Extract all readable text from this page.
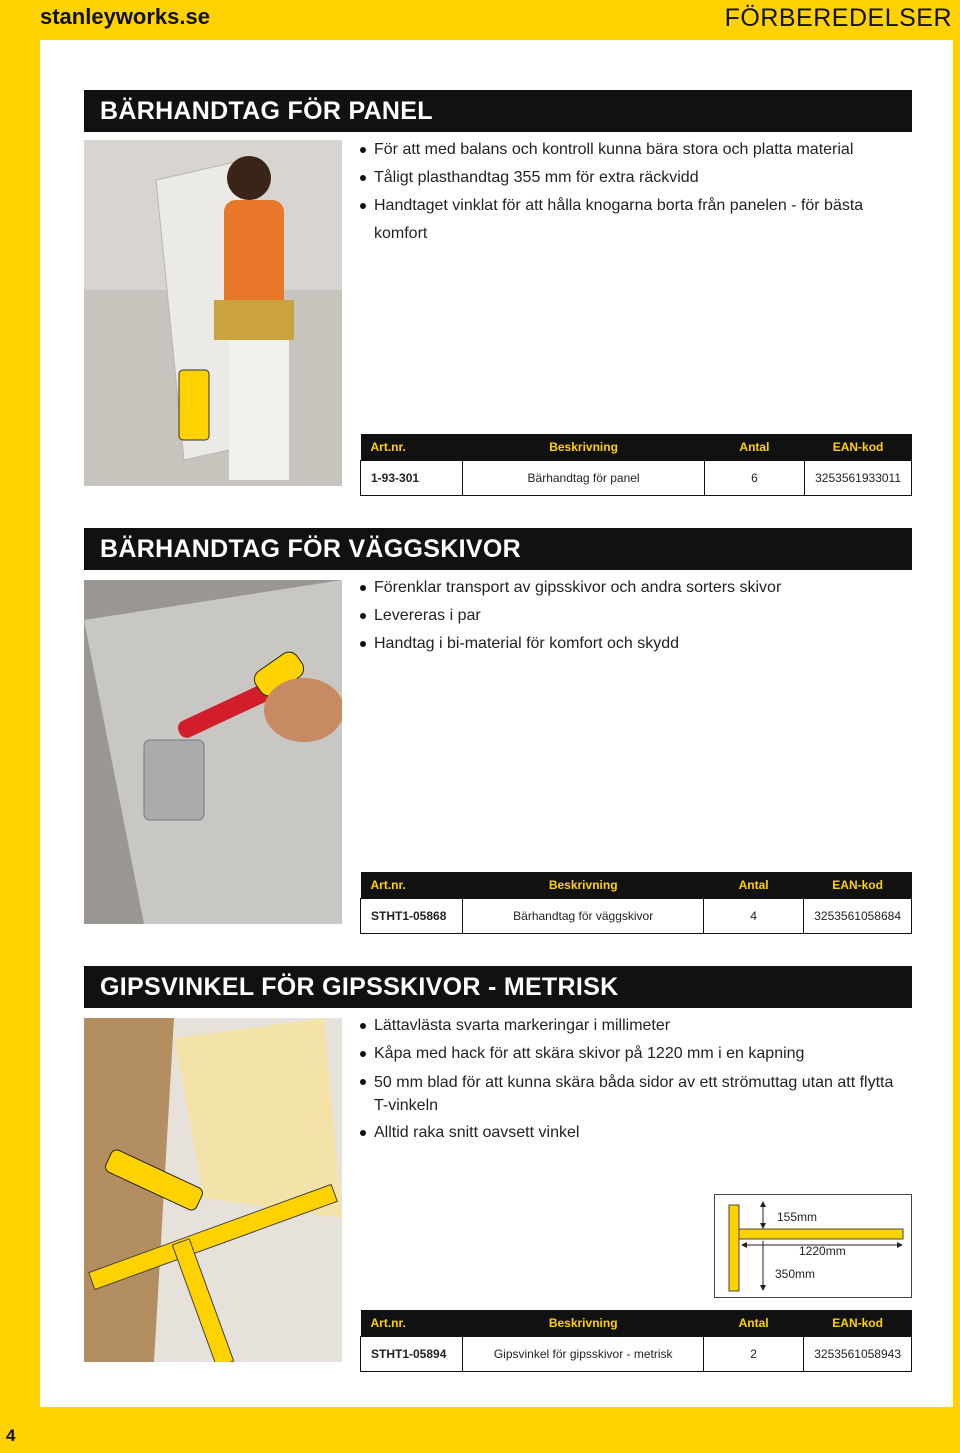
stanleyworks.se	FÖRBEREDELSER
BÄRHANDTAG FÖR PANEL
För att med balans och kontroll kunna bära stora och platta material
Tåligt plasthandtag 355 mm för extra räckvidd
Handtaget vinklat för att hålla knogarna borta från panelen - för bästa komfort
Art.nr.	Beskrivning	Antal	EAN-kod
1-93-301	Bärhandtag för panel	6	3253561933011
BÄRHANDTAG FÖR VÄGGSKIVOR
Förenklar transport av gipsskivor och andra sorters skivor
Levereras i par
Handtag i bi-material för komfort och skydd
Art.nr.	Beskrivning	Antal	EAN-kod
STHT1-05868	Bärhandtag för väggskivor	4	3253561058684
GIPSVINKEL FÖR GIPSSKIVOR - METRISK
Lättavlästa svarta markeringar i millimeter
Kåpa med hack för att skära skivor på 1220 mm i en kapning
50 mm blad för att kunna skära båda sidor av ett strömuttag utan att flytta T-vinkeln
Alltid raka snitt oavsett vinkel
155mm
1220mm
350mm
Art.nr.	Beskrivning	Antal	EAN-kod
STHT1-05894	Gipsvinkel för gipsskivor - metrisk	2	3253561058943
4
